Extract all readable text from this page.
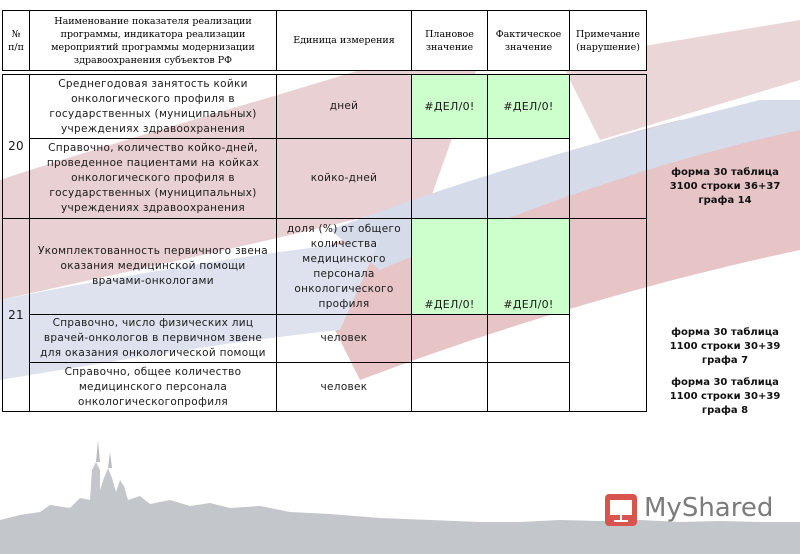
№ п/п	Наименование показателя реализации программы, индикатора реализации мероприятий программы модернизации здравоохранения субъектов РФ	Единица измерения	Плановое значение	Фактическое значение	Примечание (нарушение)
20	Среднегодовая занятость койки онкологического профиля в государственных (муниципальных) учреждениях здравоохранения	дней	#ДЕЛ/0!	#ДЕЛ/0!	
	Справочно, количество койко-дней, проведенное пациентами на койках онкологического профиля в государственных (муниципальных) учреждениях здравоохранения	койко-дней			
21	Укомплектованность первичного звена оказания медицинской помощи врачами-онкологами	доля (%) от общего количества медицинского персонала онкологического профиля	#ДЕЛ/0!	#ДЕЛ/0!	
	Справочно, число физических лиц врачей-онкологов в первичном звене для оказания онкологической помощи	человек			
	Справочно, общее количество медицинского персонала онкологическогопрофиля	человек			
форма 30 таблица 3100 строки 36+37 графа 14
форма 30 таблица 1100 строки 30+39 графа 7
форма 30 таблица 1100 строки 30+39 графа 8
MyShared
